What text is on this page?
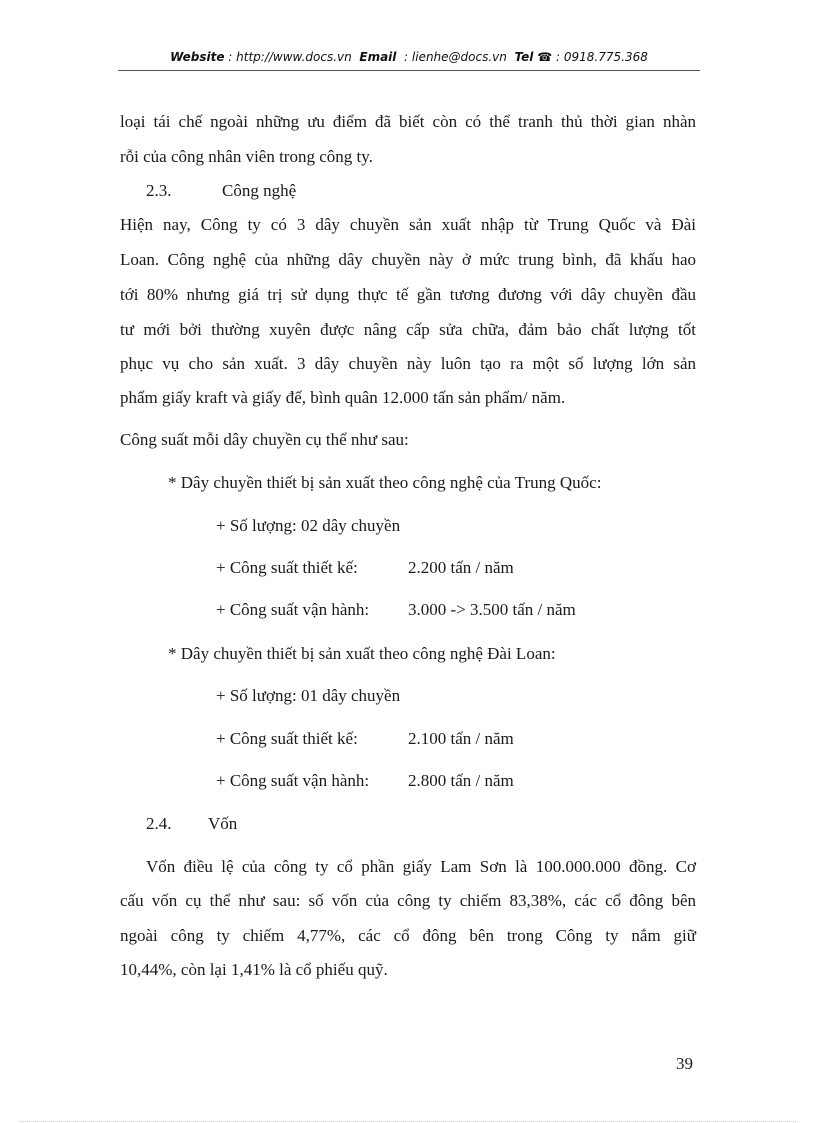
Website : http://www.docs.vn Email : lienhe@docs.vn Tel ☎ : 0918.775.368
loại tái chế ngoài những ưu điểm đã biết còn có thể tranh thủ thời gian nhàn
rỗi của công nhân viên trong công ty.
2.3.	Công nghệ
Hiện nay, Công ty có 3 dây chuyền sản xuất nhập từ Trung Quốc và Đài
Loan. Công nghệ của những dây chuyền này ở mức trung bình, đã khấu hao
tới 80% nhưng giá trị sử dụng thực tế gần tương đương với dây chuyền đầu
tư mới bởi thường xuyên được nâng cấp sửa chữa, đảm bảo chất lượng tốt
phục vụ cho sản xuất. 3 dây chuyền này luôn tạo ra một số lượng lớn sản
phẩm giấy kraft và giấy đế, bình quân 12.000 tấn sản phẩm/ năm.
Công suất mỗi dây chuyền cụ thể như sau:
* Dây chuyền thiết bị sản xuất theo công nghệ của Trung Quốc:
+ Số lượng: 02 dây chuyền
+ Công suất thiết kế:	2.200 tấn / năm
+ Công suất vận hành: 3.000 -> 3.500 tấn / năm
* Dây chuyền thiết bị sản xuất theo công nghệ Đài Loan:
+ Số lượng: 01 dây chuyền
+ Công suất thiết kế:	2.100 tấn / năm
+ Công suất vận hành: 2.800 tấn / năm
2.4. Vốn
Vốn điều lệ của công ty cổ phần giấy Lam Sơn là 100.000.000 đồng. Cơ
cấu vốn cụ thể như sau: số vốn của công ty chiếm 83,38%, các cổ đông bên
ngoài công ty chiếm 4,77%, các cổ đông bên trong Công ty nắm giữ
10,44%, còn lại 1,41% là cổ phiếu quỹ.
39
